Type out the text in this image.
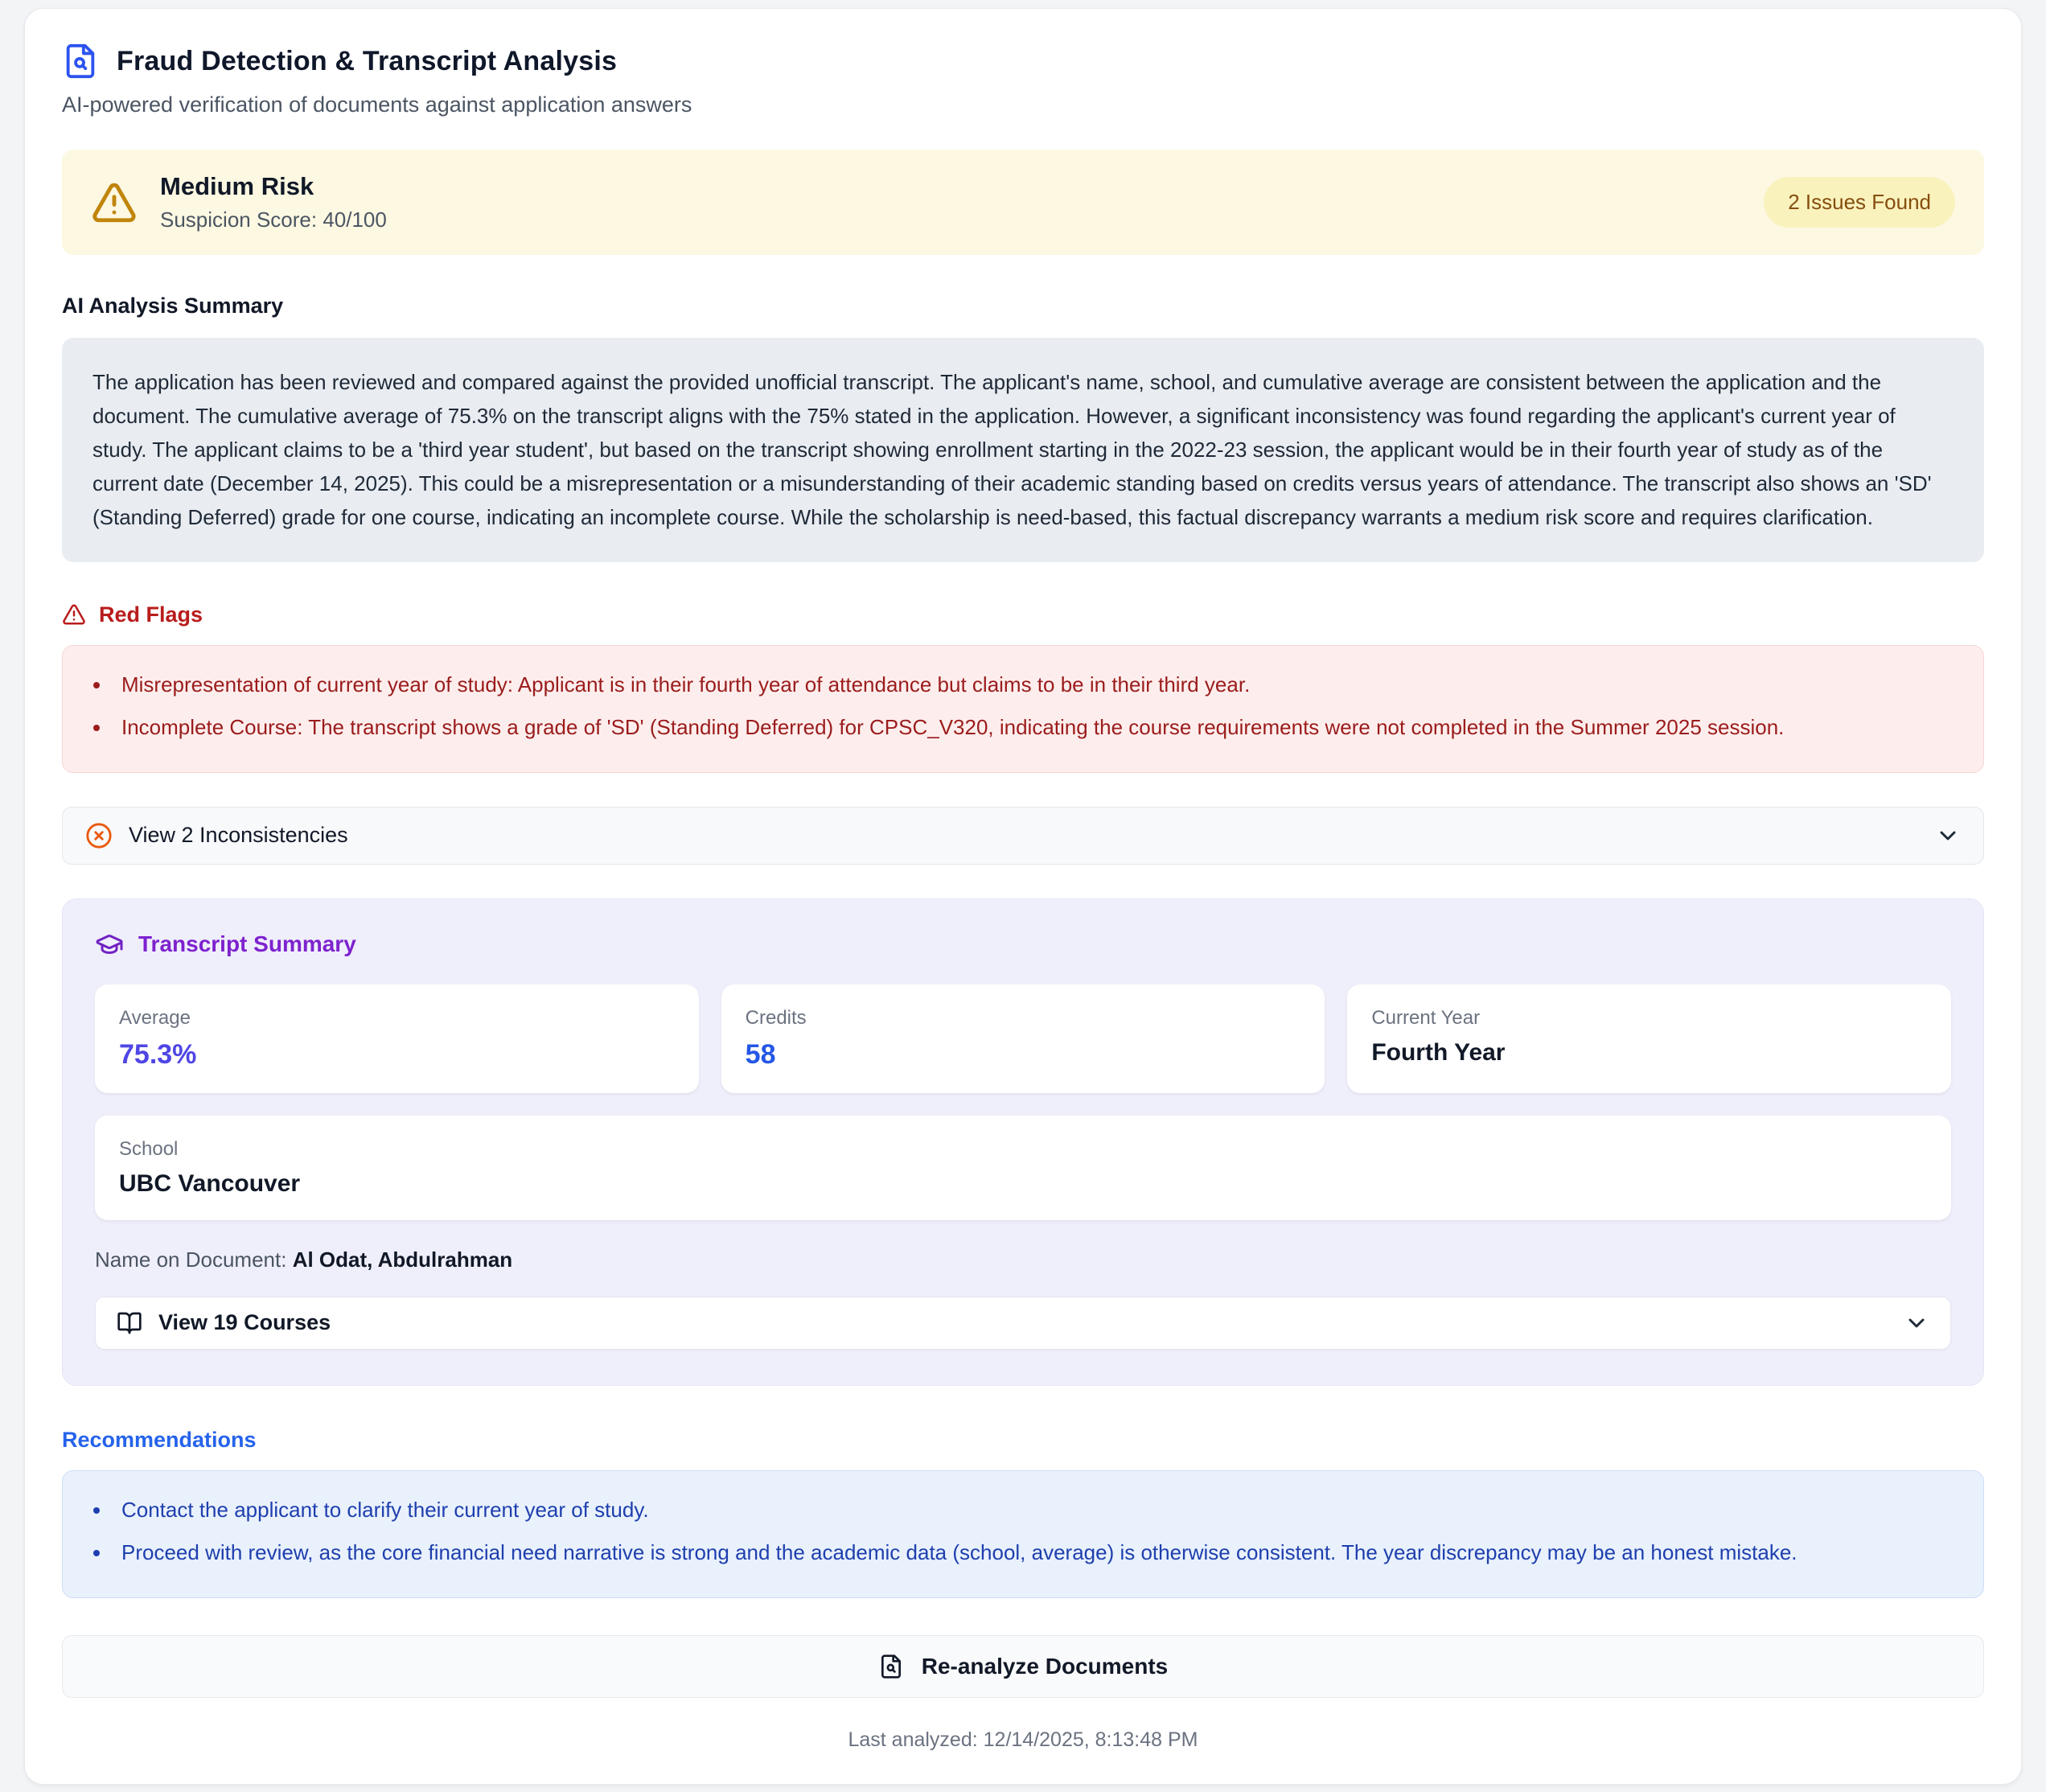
Fraud Detection & Transcript Analysis
AI-powered verification of documents against application answers
Medium Risk
Suspicion Score: 40/100
2 Issues Found
AI Analysis Summary
The application has been reviewed and compared against the provided unofficial transcript. The applicant's name, school, and cumulative average are consistent between the application and the document. The cumulative average of 75.3% on the transcript aligns with the 75% stated in the application. However, a significant inconsistency was found regarding the applicant's current year of study. The applicant claims to be a 'third year student', but based on the transcript showing enrollment starting in the 2022-23 session, the applicant would be in their fourth year of study as of the current date (December 14, 2025). This could be a misrepresentation or a misunderstanding of their academic standing based on credits versus years of attendance. The transcript also shows an 'SD' (Standing Deferred) grade for one course, indicating an incomplete course. While the scholarship is need-based, this factual discrepancy warrants a medium risk score and requires clarification.
Red Flags
• Misrepresentation of current year of study: Applicant is in their fourth year of attendance but claims to be in their third year.
• Incomplete Course: The transcript shows a grade of 'SD' (Standing Deferred) for CPSC_V320, indicating the course requirements were not completed in the Summer 2025 session.
View 2 Inconsistencies
Transcript Summary
Average
75.3%
Credits
58
Current Year
Fourth Year
School
UBC Vancouver
Name on Document: Al Odat, Abdulrahman
View 19 Courses
Recommendations
• Contact the applicant to clarify their current year of study.
• Proceed with review, as the core financial need narrative is strong and the academic data (school, average) is otherwise consistent. The year discrepancy may be an honest mistake.
Re-analyze Documents
Last analyzed: 12/14/2025, 8:13:48 PM
